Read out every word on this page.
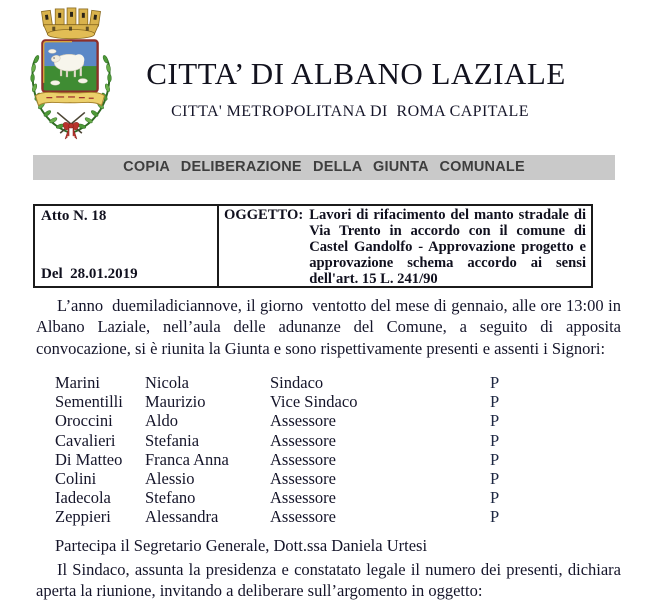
CITTA’ DI ALBANO LAZIALE
CITTA' METROPOLITANA DI  ROMA CAPITALE
COPIA DELIBERAZIONE DELLA GIUNTA COMUNALE
Atto N. 18
Del  28.01.2019
OGGETTO: Lavori di rifacimento del manto stradale di Via Trento in accordo con il comune di Castel Gandolfo - Approvazione progetto e approvazione schema accordo ai sensi dell'art. 15 L. 241/90
L’anno  duemiladiciannove, il giorno  ventotto del mese di gennaio, alle ore 13:00 in Albano Laziale, nell’aula delle adunanze del Comune, a seguito di apposita convocazione, si è riunita la Giunta e sono rispettivamente presenti e assenti i Signori:
Marini	Nicola	Sindaco	P
Sementilli	Maurizio	Vice Sindaco	P
Oroccini	Aldo	Assessore	P
Cavalieri	Stefania	Assessore	P
Di Matteo	Franca Anna	Assessore	P
Colini	Alessio	Assessore	P
Iadecola	Stefano	Assessore	P
Zeppieri	Alessandra	Assessore	P
Partecipa il Segretario Generale, Dott.ssa Daniela Urtesi
Il Sindaco, assunta la presidenza e constatato legale il numero dei presenti, dichiara aperta la riunione, invitando a deliberare sull’argomento in oggetto:
